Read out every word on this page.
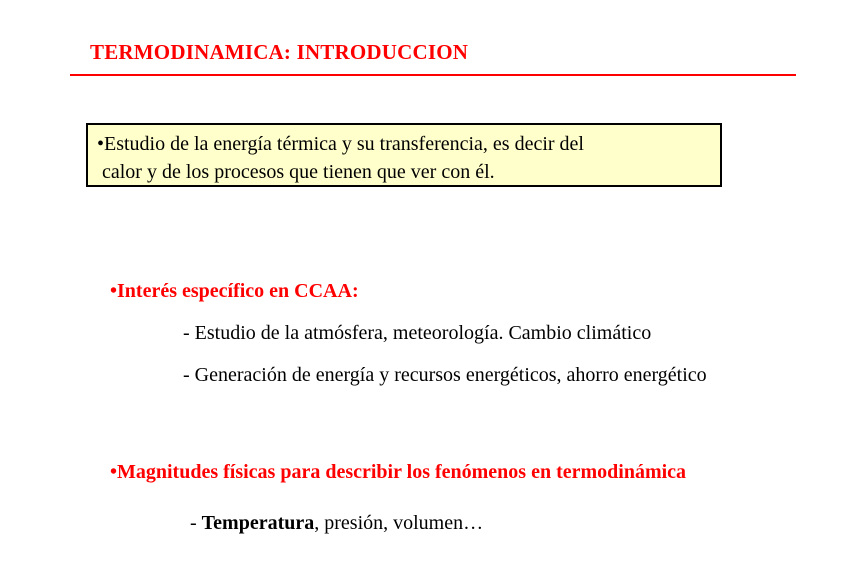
TERMODINAMICA: INTRODUCCION
•Estudio de la energía térmica y su transferencia, es decir del
calor y de los procesos que tienen que ver con él.
•Interés específico en CCAA:
- Estudio de la atmósfera, meteorología. Cambio climático
- Generación de energía y recursos energéticos, ahorro energético
•Magnitudes físicas para describir los fenómenos en termodinámica
- Temperatura, presión, volumen…
